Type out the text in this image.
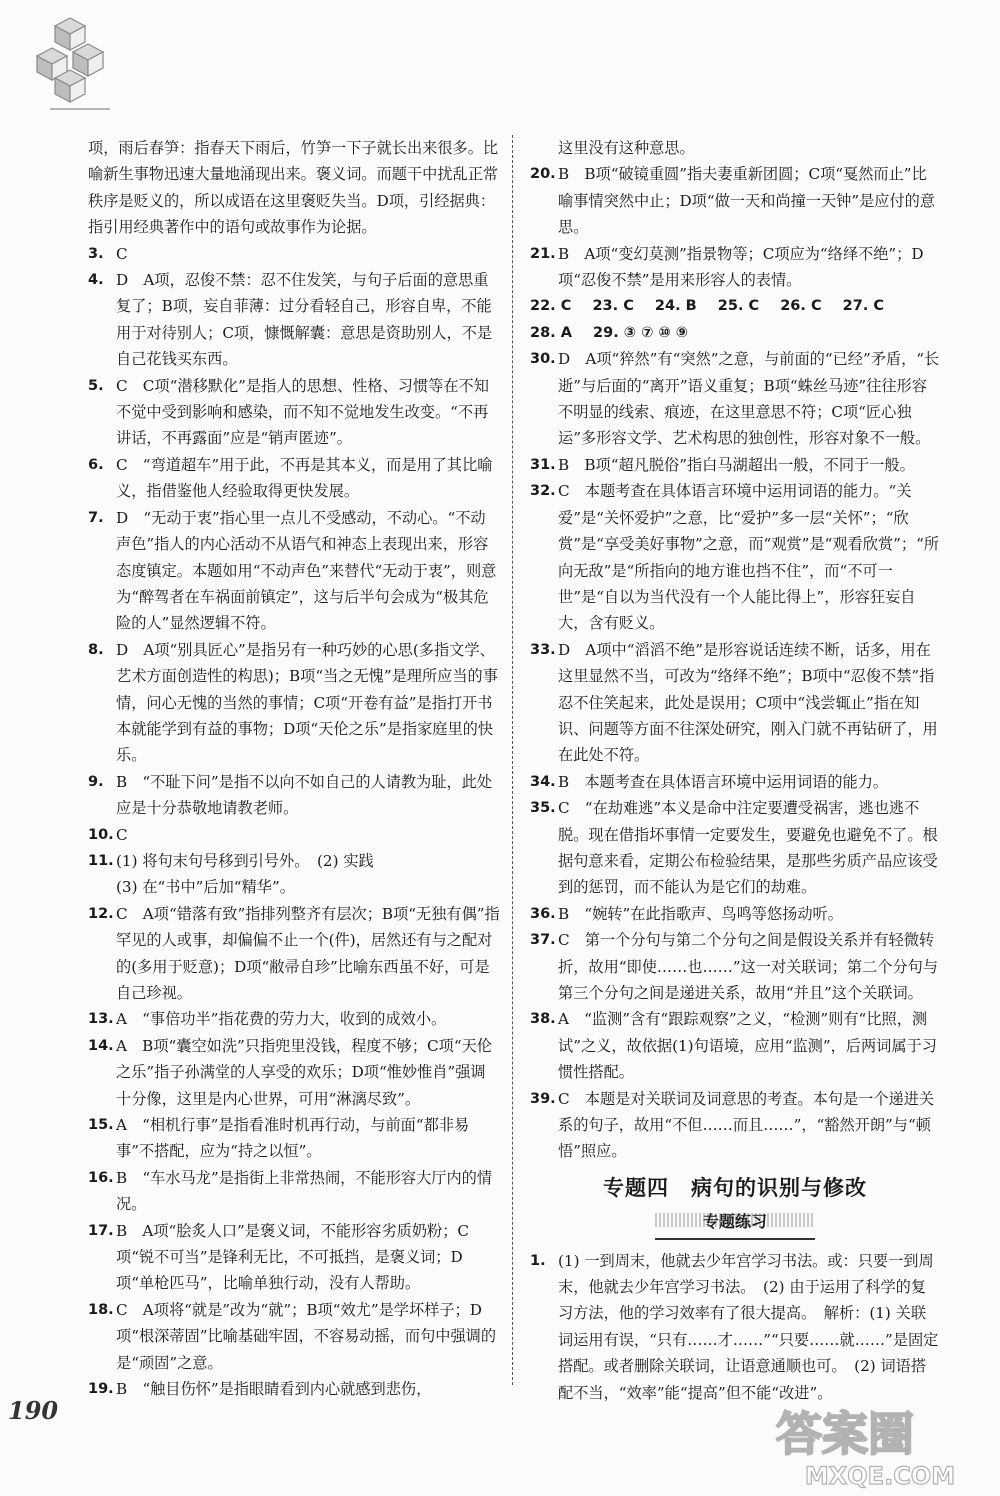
项，雨后春笋：指春天下雨后，竹笋一下子就长出来很多。比喻新生事物迅速大量地涌现出来。褒义词。而题干中扰乱正常秩序是贬义的，所以成语在这里褒贬失当。D项，引经据典：指引用经典著作中的语句或故事作为论据。

3. C

4. D　A项，忍俊不禁：忍不住发笑，与句子后面的意思重复了；B项，妄自菲薄：过分看轻自己，形容自卑，不能用于对待别人；C项，慷慨解囊：意思是资助别人，不是自己花钱买东西。

5. C　C项“潜移默化”是指人的思想、性格、习惯等在不知不觉中受到影响和感染，而不知不觉地发生改变。“不再讲话，不再露面”应是“销声匿迹”。

6. C　“弯道超车”用于此，不再是其本义，而是用了其比喻义，指借鉴他人经验取得更快发展。

7. D　“无动于衷”指心里一点儿不受感动，不动心。“不动声色”指人的内心活动不从语气和神态上表现出来，形容态度镇定。本题如用“不动声色”来替代“无动于衷”，则意为“醉驾者在车祸面前镇定”，这与后半句会成为“极其危险的人”显然逻辑不符。

8. D　A项“别具匠心”是指另有一种巧妙的心思(多指文学、艺术方面创造性的构思)；B项“当之无愧”是理所应当的事情，问心无愧的当然的事情；C项“开卷有益”是指打开书本就能学到有益的事物；D项“天伦之乐”是指家庭里的快乐。

9. B　“不耻下问”是指不以向不如自己的人请教为耻，此处应是十分恭敬地请教老师。

10. C

11. (1) 将句末句号移到引号外。　(2) 实践
(3) 在“书中”后加“精华”。

12. C　A项“错落有致”指排列整齐有层次；B项“无独有偶”指罕见的人或事，却偏偏不止一个(件)，居然还有与之配对的(多用于贬意)；D项“敝帚自珍”比喻东西虽不好，可是自己珍视。

13. A　“事倍功半”指花费的劳力大，收到的成效小。

14. A　B项“囊空如洗”只指兜里没钱，程度不够；C项“天伦之乐”指子孙满堂的人享受的欢乐；D项“惟妙惟肖”强调十分像，这里是内心世界，可用“淋漓尽致”。

15. A　“相机行事”是指看准时机再行动，与前面“都非易事”不搭配，应为“持之以恒”。

16. B　“车水马龙”是指街上非常热闹，不能形容大厅内的情况。

17. B　A项“脍炙人口”是褒义词，不能形容劣质奶粉；C项“锐不可当”是锋利无比，不可抵挡，是褒义词；D项“单枪匹马”，比喻单独行动，没有人帮助。

18. C　A项将“就是”改为“就”；B项“效尤”是学坏样子；D项“根深蒂固”比喻基础牢固，不容易动摇，而句中强调的是“顽固”之意。

19. B　“触目伤怀”是指眼睛看到内心就感到悲伤，

这里没有这种意思。

20. B　B项“破镜重圆”指夫妻重新团圆；C项“戛然而止”比喻事情突然中止；D项“做一天和尚撞一天钟”是应付的意思。

21. B　A项“变幻莫测”指景物等；C项应为“络绎不绝”；D项“忍俊不禁”是用来形容人的表情。

22. C 23. C 24. B 25. C 26. C 27. C

28. A 29. ③ ⑦ ⑩ ⑨

30. D　A项“猝然”有“突然”之意，与前面的“已经”矛盾，“长逝”与后面的“离开”语义重复；B项“蛛丝马迹”往往形容不明显的线索、痕迹，在这里意思不符；C项“匠心独运”多形容文学、艺术构思的独创性，形容对象不一般。

31. B　B项“超凡脱俗”指白马湖超出一般，不同于一般。

32. C　本题考查在具体语言环境中运用词语的能力。“关爱”是“关怀爱护”之意，比“爱护”多一层“关怀”；“欣赏”是“享受美好事物”之意，而“观赏”是“观看欣赏”；“所向无敌”是“所指向的地方谁也挡不住”，而“不可一世”是“自以为当代没有一个人能比得上”，形容狂妄自大，含有贬义。

33. D　A项中“滔滔不绝”是形容说话连续不断，话多，用在这里显然不当，可改为“络绎不绝”；B项中“忍俊不禁”指忍不住笑起来，此处是误用；C项中“浅尝辄止”指在知识、问题等方面不往深处研究，刚入门就不再钻研了，用在此处不符。

34. B　本题考查在具体语言环境中运用词语的能力。

35. C　“在劫难逃”本义是命中注定要遭受祸害，逃也逃不脱。现在借指坏事情一定要发生，要避免也避免不了。根据句意来看，定期公布检验结果，是那些劣质产品应该受到的惩罚，而不能认为是它们的劫难。

36. B　“婉转”在此指歌声、鸟鸣等悠扬动听。

37. C　第一个分句与第二个分句之间是假设关系并有轻微转折，故用“即使……也……”这一对关联词；第二个分句与第三个分句之间是递进关系，故用“并且”这个关联词。

38. A　“监测”含有“跟踪观察”之义，“检测”则有“比照，测试”之义，故依据(1)句语境，应用“监测”，后两词属于习惯性搭配。

39. C　本题是对关联词及词意思的考查。本句是一个递进关系的句子，故用“不但……而且……”，“豁然开朗”与“顿悟”照应。

专题四　病句的识别与修改
专题练习

1. (1) 一到周末，他就去少年宫学习书法。或：只要一到周末，他就去少年宫学习书法。　(2) 由于运用了科学的复习方法，他的学习效率有了很大提高。　解析：(1) 关联词运用有误，“只有……才……”“只要……就……”是固定搭配。或者删除关联词，让语意通顺也可。　(2) 词语搭配不当，“效率”能“提高”但不能“改进”。

190	答案圈
MXQE.COM
